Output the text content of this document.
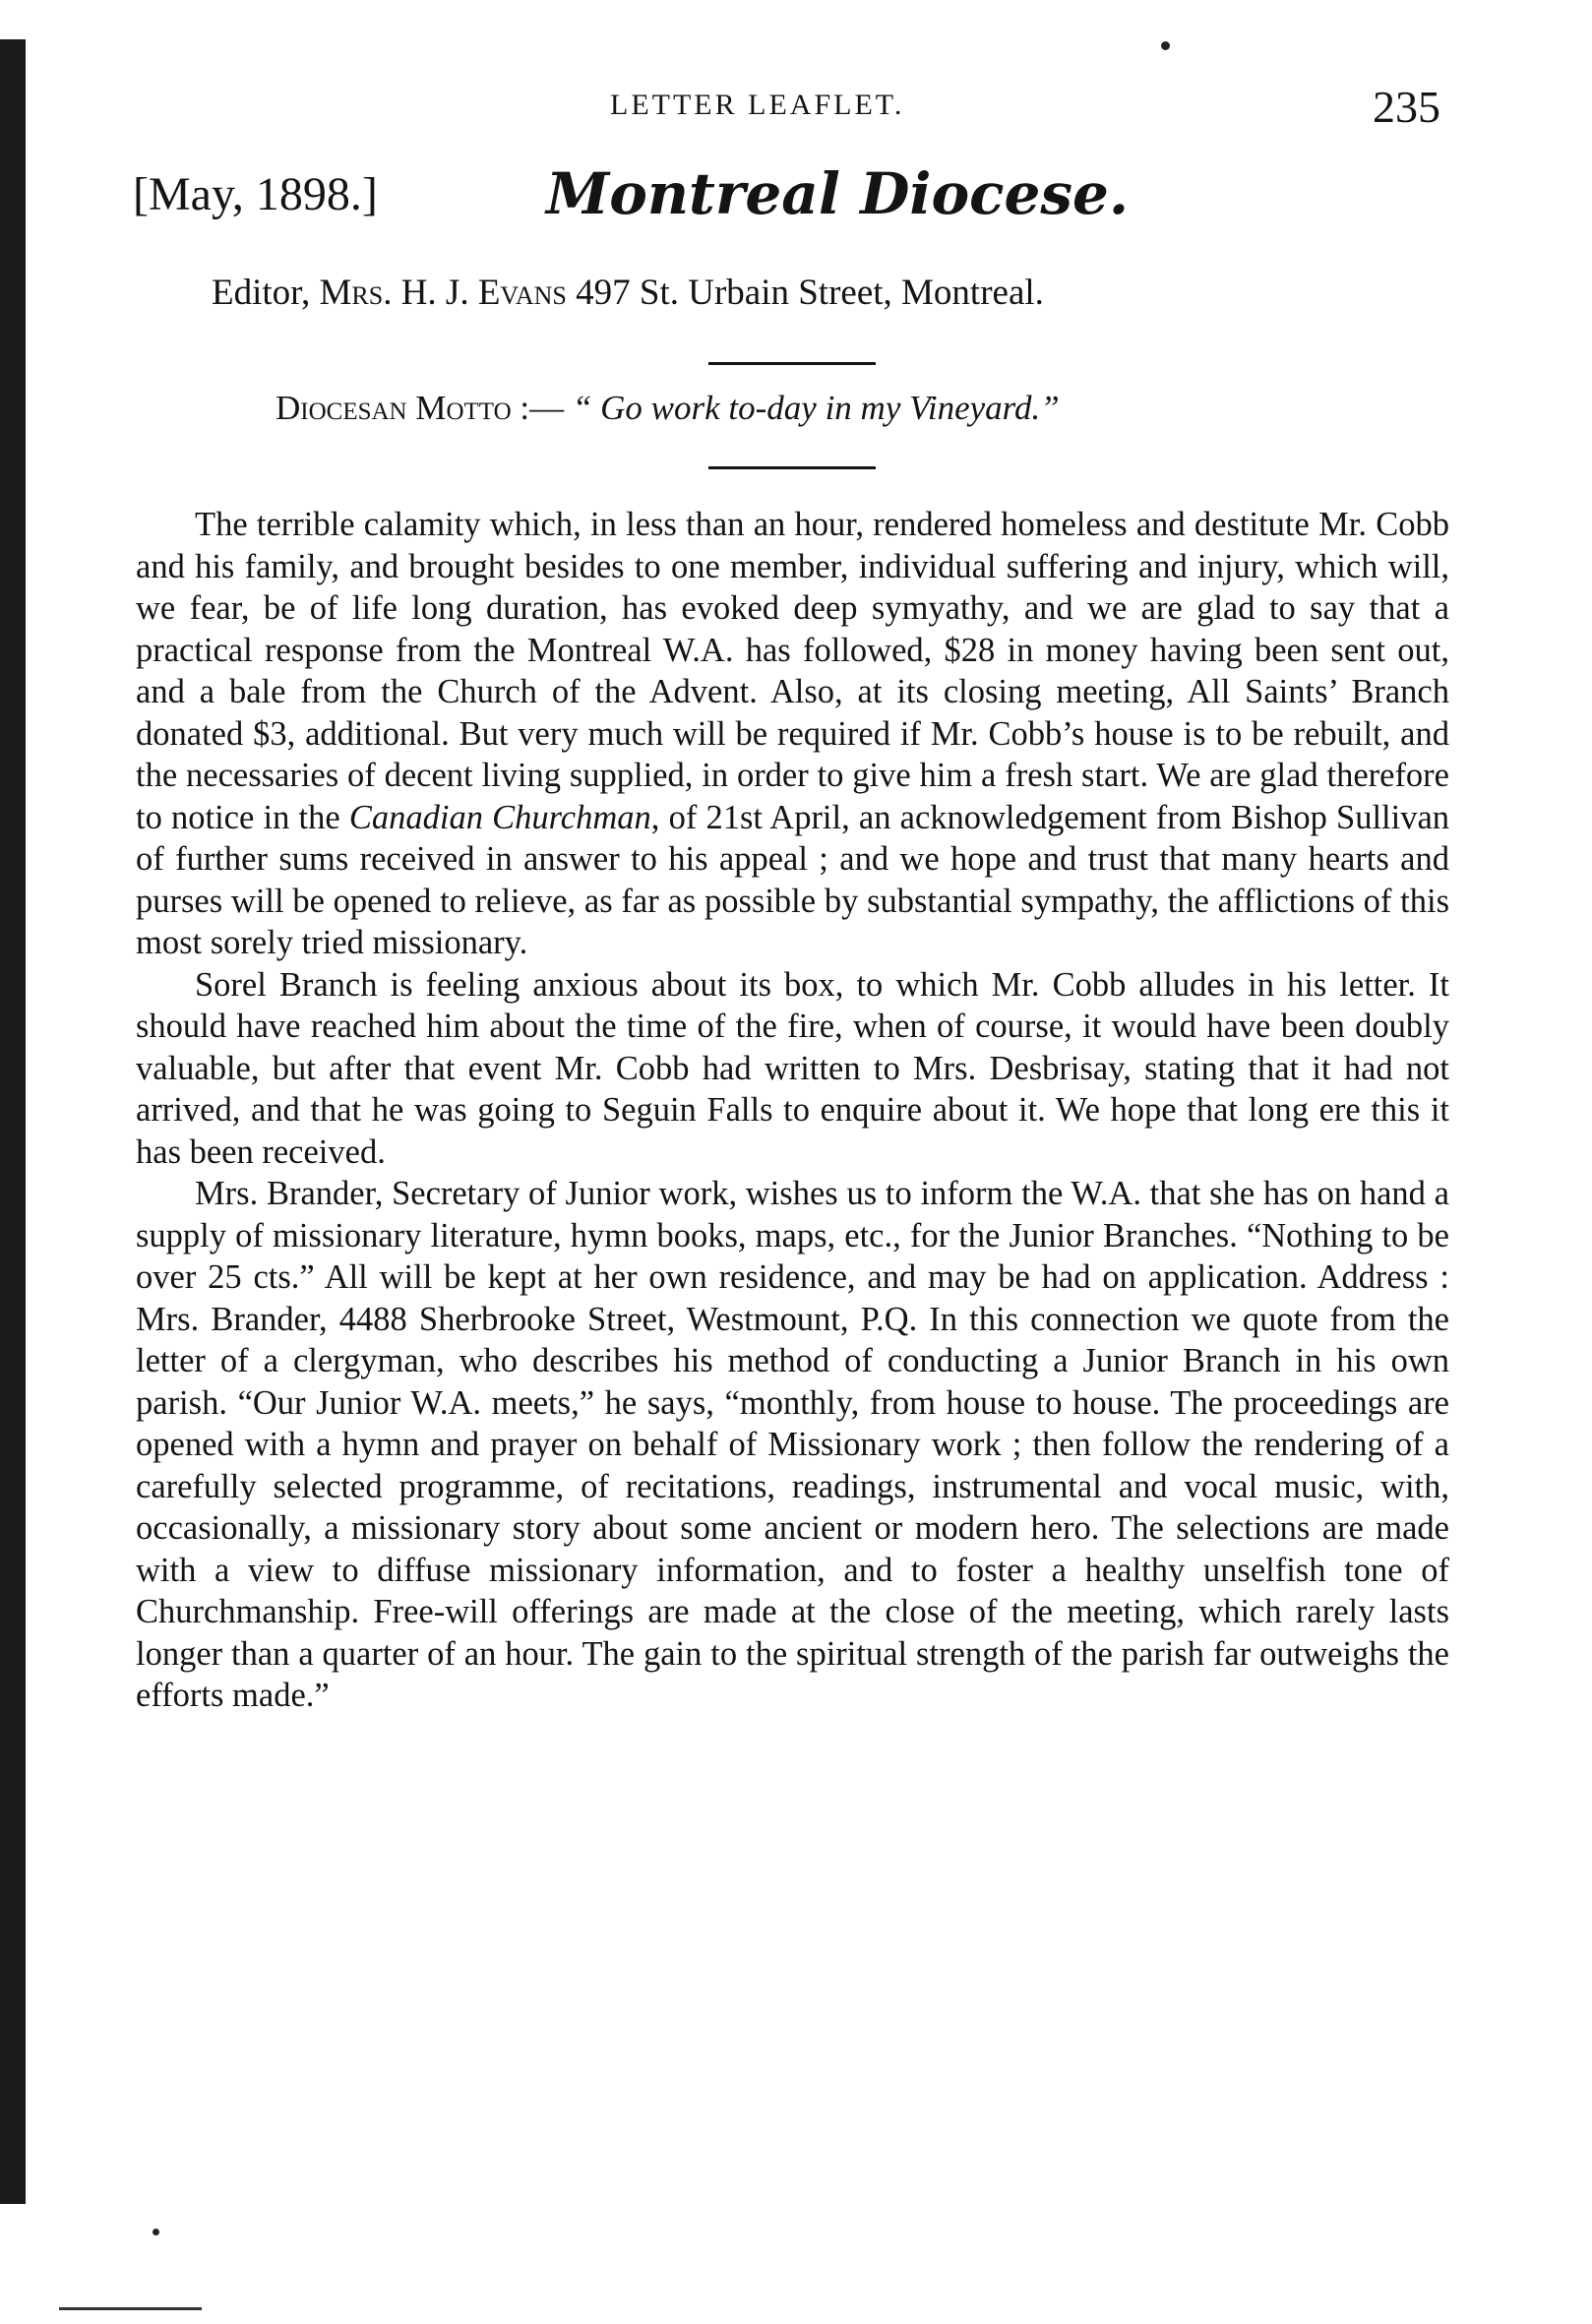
LETTER LEAFLET.	235
[May, 1898.]	Montreal Diocese.
Editor, Mrs. H. J. Evans 497 St. Urbain Street, Montreal.
Diocesan Motto :— “ Go work to-day in my Vineyard.”

The terrible calamity which, in less than an hour, rendered homeless and destitute Mr. Cobb and his family, and brought besides to one member, individual suffering and injury, which will, we fear, be of life long duration, has evoked deep symyathy, and we are glad to say that a practical response from the Montreal W.A. has followed, $28 in money having been sent out, and a bale from the Church of the Advent. Also, at its closing meeting, All Saints’ Branch donated $3, additional. But very much will be required if Mr. Cobb’s house is to be rebuilt, and the necessaries of decent living supplied, in order to give him a fresh start. We are glad therefore to notice in the Canadian Churchman, of 21st April, an acknowledgement from Bishop Sullivan of further sums received in answer to his appeal ; and we hope and trust that many hearts and purses will be opened to relieve, as far as possible by substantial sympathy, the afflictions of this most sorely tried missionary.

Sorel Branch is feeling anxious about its box, to which Mr. Cobb alludes in his letter. It should have reached him about the time of the fire, when of course, it would have been doubly valuable, but after that event Mr. Cobb had written to Mrs. Desbrisay, stating that it had not arrived, and that he was going to Seguin Falls to enquire about it. We hope that long ere this it has been received.

Mrs. Brander, Secretary of Junior work, wishes us to inform the W.A. that she has on hand a supply of missionary literature, hymn books, maps, etc., for the Junior Branches. “Nothing to be over 25 cts.” All will be kept at her own residence, and may be had on application. Address : Mrs. Brander, 4488 Sherbrooke Street, Westmount, P.Q. In this connection we quote from the letter of a clergyman, who describes his method of conducting a Junior Branch in his own parish. “Our Junior W.A. meets,” he says, “monthly, from house to house. The proceedings are opened with a hymn and prayer on behalf of Missionary work ; then follow the rendering of a carefully selected programme, of recitations, readings, instrumental and vocal music, with, occasionally, a missionary story about some ancient or modern hero. The selections are made with a view to diffuse missionary information, and to foster a healthy unselfish tone of Churchmanship. Free-will offerings are made at the close of the meeting, which rarely lasts longer than a quarter of an hour. The gain to the spiritual strength of the parish far outweighs the efforts made.”
